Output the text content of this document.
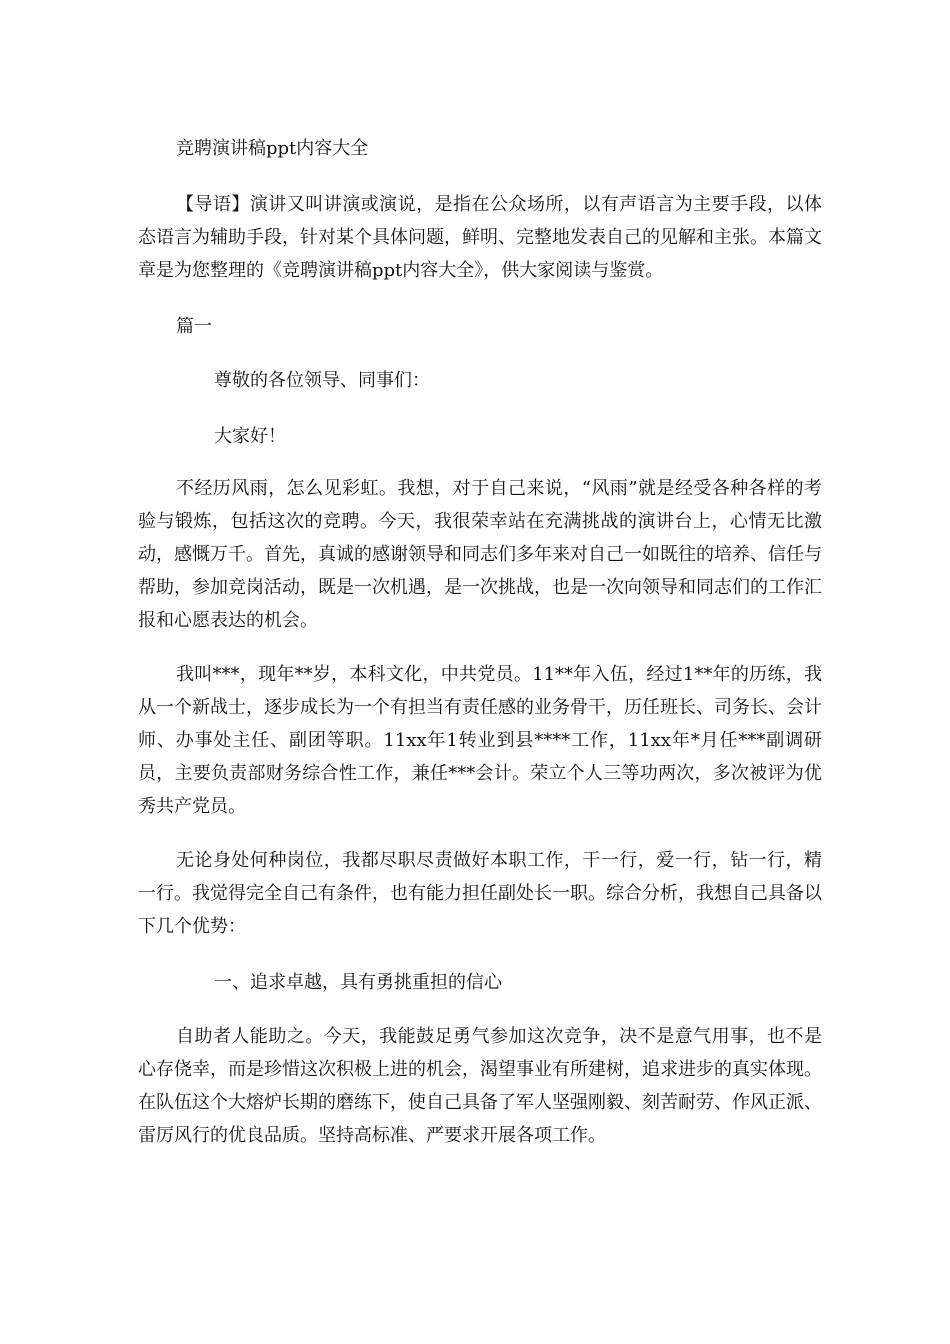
竞聘演讲稿ppt内容大全

【导语】演讲又叫讲演或演说，是指在公众场所，以有声语言为主要手段，以体态语言为辅助手段，针对某个具体问题，鲜明、完整地发表自己的见解和主张。本篇文章是为您整理的《竞聘演讲稿ppt内容大全》，供大家阅读与鉴赏。

篇一
尊敬的各位领导、同事们：
大家好！

不经历风雨，怎么见彩虹。我想，对于自己来说，“风雨”就是经受各种各样的考验与锻炼，包括这次的竞聘。今天，我很荣幸站在充满挑战的演讲台上，心情无比激动，感慨万千。首先，真诚的感谢领导和同志们多年来对自己一如既往的培养、信任与帮助，参加竞岗活动，既是一次机遇，是一次挑战，也是一次向领导和同志们的工作汇报和心愿表达的机会。

我叫***，现年**岁，本科文化，中共党员。11**年入伍，经过1**年的历练，我从一个新战士，逐步成长为一个有担当有责任感的业务骨干，历任班长、司务长、会计师、办事处主任、副团等职。11xx年1转业到县****工作，11xx年*月任***副调研员，主要负责部财务综合性工作，兼任***会计。荣立个人三等功两次，多次被评为优秀共产党员。

无论身处何种岗位，我都尽职尽责做好本职工作，干一行，爱一行，钻一行，精一行。我觉得完全自己有条件，也有能力担任副处长一职。综合分析，我想自己具备以下几个优势：

一、追求卓越，具有勇挑重担的信心

自助者人能助之。今天，我能鼓足勇气参加这次竞争，决不是意气用事，也不是心存侥幸，而是珍惜这次积极上进的机会，渴望事业有所建树，追求进步的真实体现。在队伍这个大熔炉长期的磨练下，使自己具备了军人坚强刚毅、刻苦耐劳、作风正派、雷厉风行的优良品质。坚持高标准、严要求开展各项工作。
